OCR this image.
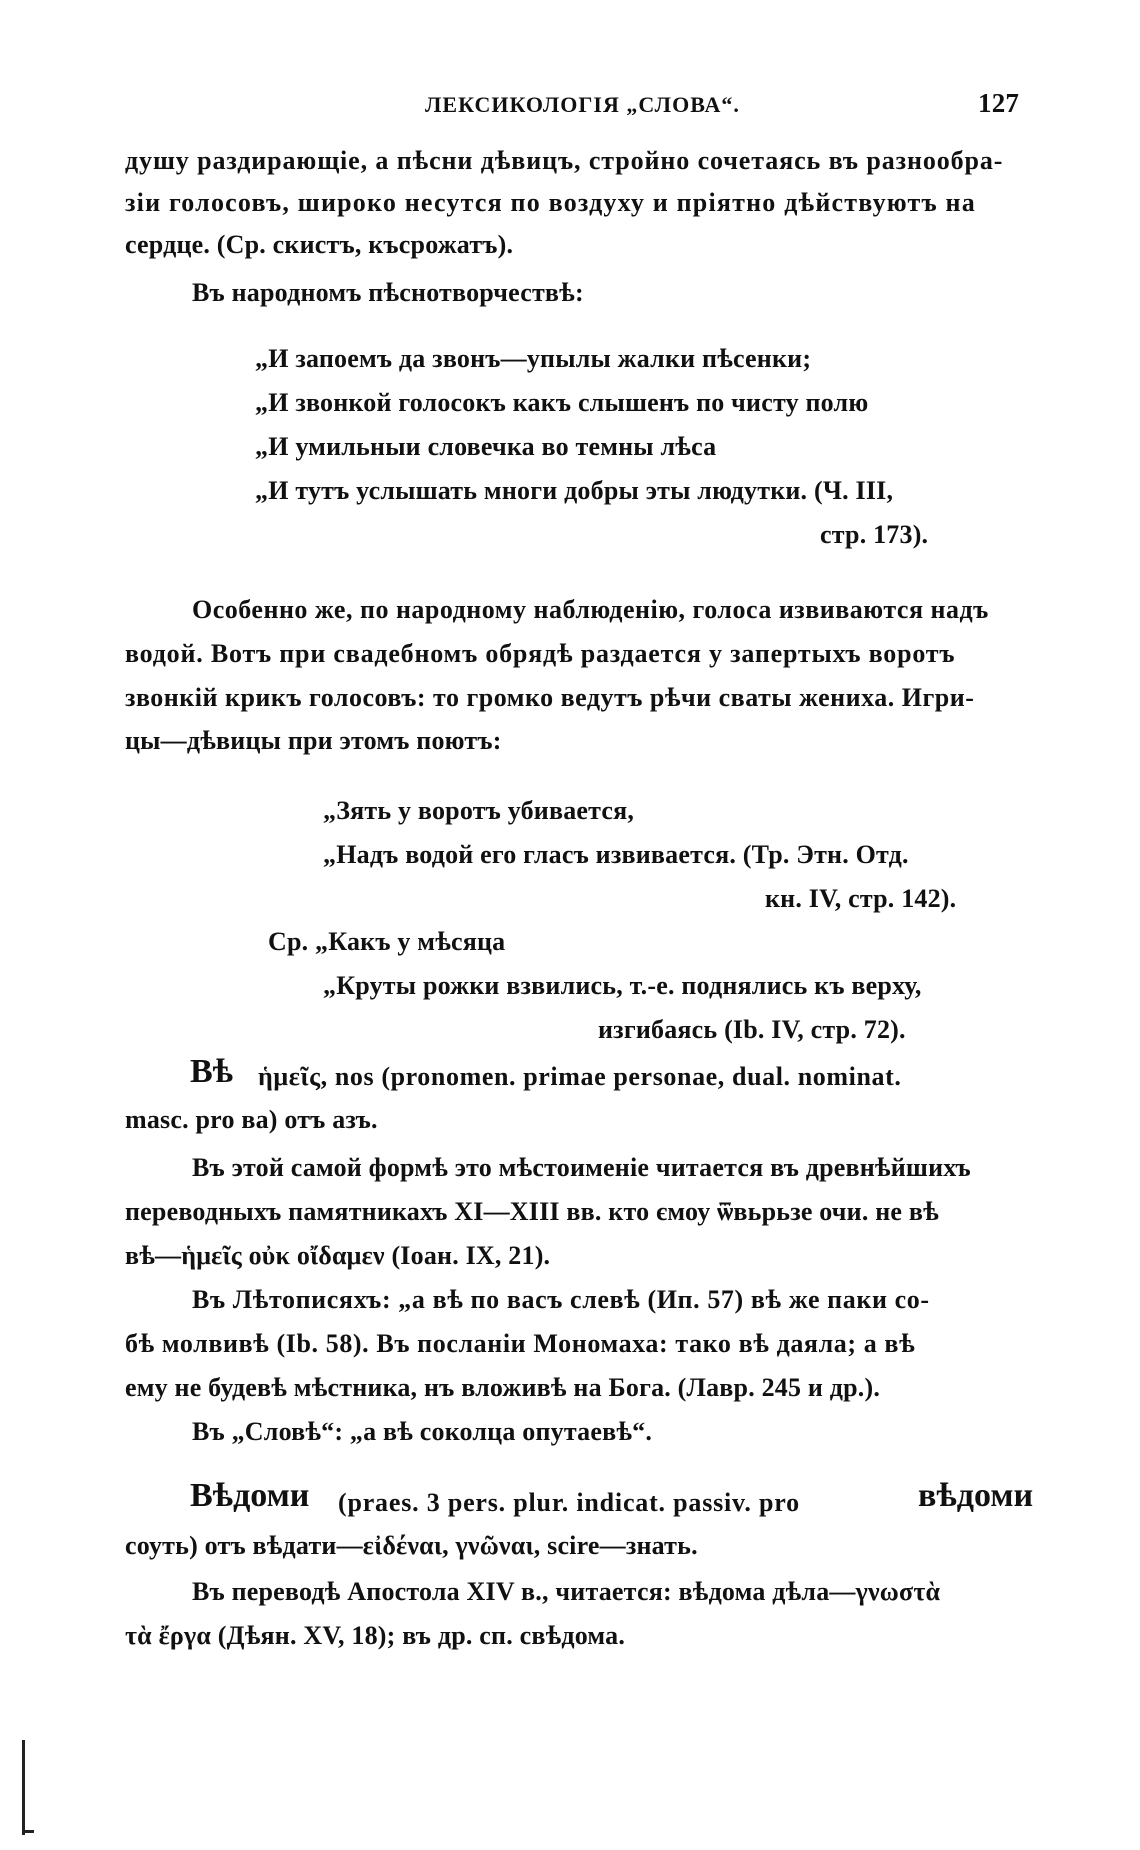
ЛЕКСИКОЛОГІЯ „СЛОВА“.	127
душу раздирающіе, а пѣсни дѣвицъ, стройно сочетаясь въ разнообра-
зіи голосовъ, широко несутся по воздуху и пріятно дѣйствуютъ на
сердце. (Ср. скистъ, късрожатъ).
Въ народномъ пѣснотворчествѣ:
„И запоемъ да звонъ—упылы жалки пѣсенки;
„И звонкой голосокъ какъ слышенъ по чисту полю
„И умильныи словечка во темны лѣса
„И тутъ услышать многи добры эты людутки. (Ч. III,
стр. 173).
Особенно же, по народному наблюденію, голоса извиваются надъ
водой. Вотъ при свадебномъ обрядѣ раздается у запертыхъ воротъ
звонкій крикъ голосовъ: то громко ведутъ рѣчи сваты жениха. Игри-
цы—дѣвицы при этомъ поютъ:
„Зять у воротъ убивается,
„Надъ водой его гласъ извивается. (Тр. Этн. Отд.
кн. IV, стр. 142).
Ср. „Какъ у мѣсяца
„Круты рожки взвились, т.-е. поднялись къ верху,
изгибаясь (Ib. IV, стр. 72).
Вѣ ἡμεῖς, nos (pronomen. primae personae, dual. nominat.
masc. pro ва) отъ азъ.
Въ этой самой формѣ это мѣстоименіе читается въ древнѣйшихъ
переводныхъ памятникахъ XI—XIII вв. кто ємоу ѿвьрьзе очи. не вѣ
вѣ—ἡμεῖς οὐκ οἴδαμεν (Іоан. IX, 21).
Въ Лѣтописяхъ: „а вѣ по васъ слевѣ (Ип. 57) вѣ же паки со-
бѣ молвивѣ (Ib. 58). Въ посланіи Мономаха: тако вѣ даяла; а вѣ
ему не будевѣ мѣстника, нъ вложивѣ на Бога. (Лавр. 245 и др.).
Въ „Словѣ“: „а вѣ соколца опутаевѣ“.
Вѣдоми (praes. 3 pers. plur. indicat. passiv. pro	вѣдоми
соуть) отъ вѣдати—εἰδέναι, γνῶναι, scire—знать.
Въ переводѣ Апостола XIV в., читается: вѣдома дѣла—γνωστὰ
τὰ ἔργα (Дѣян. XV, 18); въ др. сп. свѣдома.
